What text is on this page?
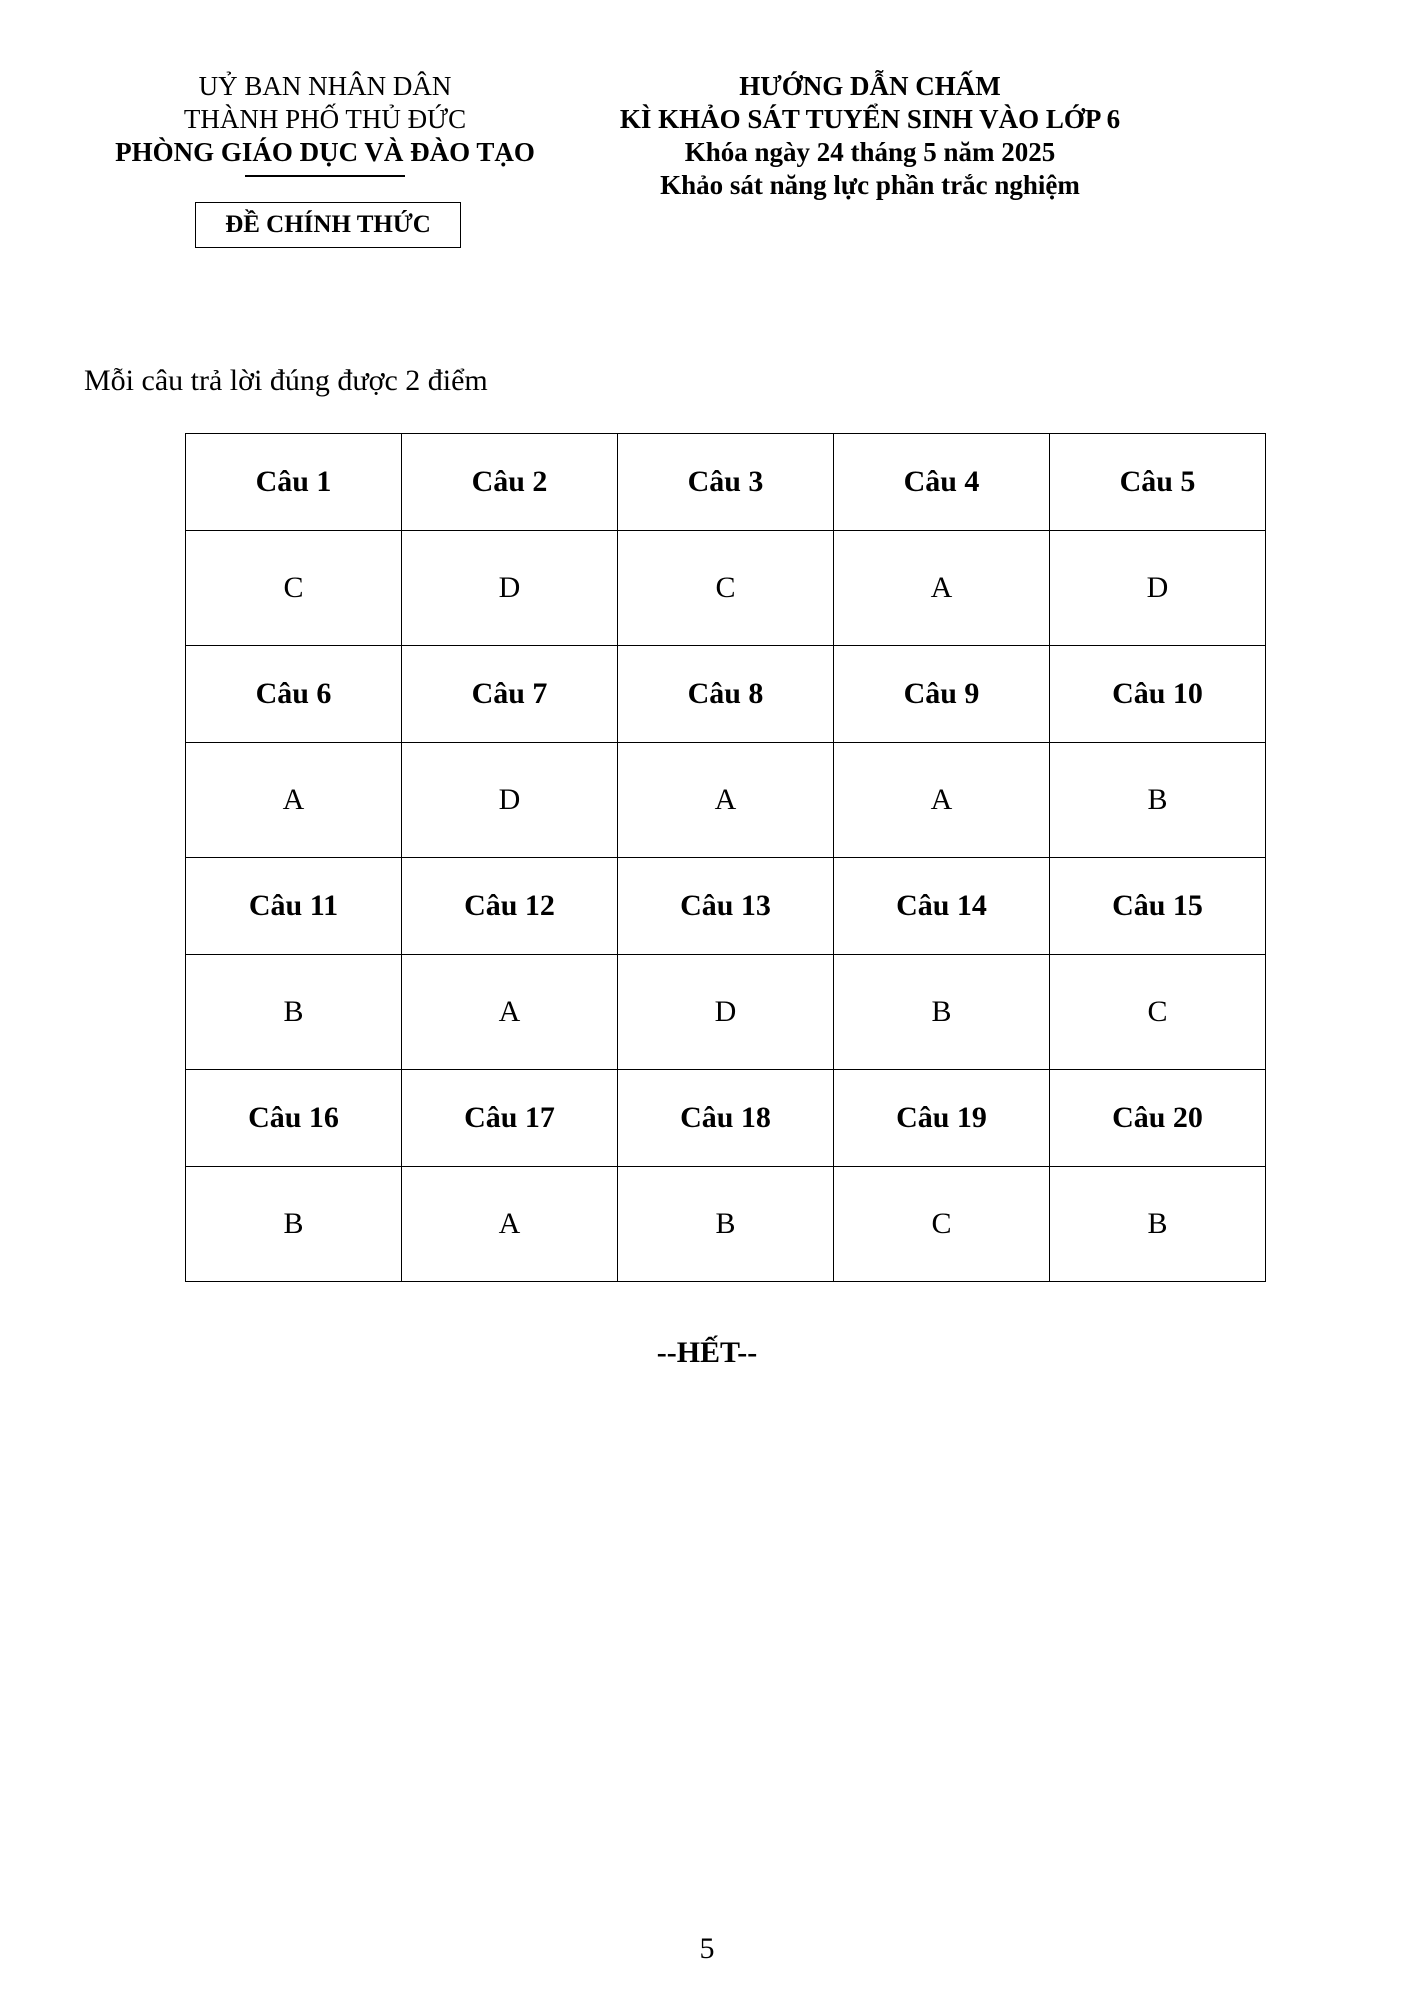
UỶ BAN NHÂN DÂN
THÀNH PHỐ THỦ ĐỨC
PHÒNG GIÁO DỤC VÀ ĐÀO TẠO
ĐỀ CHÍNH THỨC
HƯỚNG DẪN CHẤM
KÌ KHẢO SÁT TUYỂN SINH VÀO LỚP 6
Khóa ngày 24 tháng 5 năm 2025
Khảo sát năng lực phần trắc nghiệm
Mỗi câu trả lời đúng được 2 điểm
Câu 1	Câu 2	Câu 3	Câu 4	Câu 5
C	D	C	A	D
Câu 6	Câu 7	Câu 8	Câu 9	Câu 10
A	D	A	A	B
Câu 11	Câu 12	Câu 13	Câu 14	Câu 15
B	A	D	B	C
Câu 16	Câu 17	Câu 18	Câu 19	Câu 20
B	A	B	C	B
--HẾT--
5
